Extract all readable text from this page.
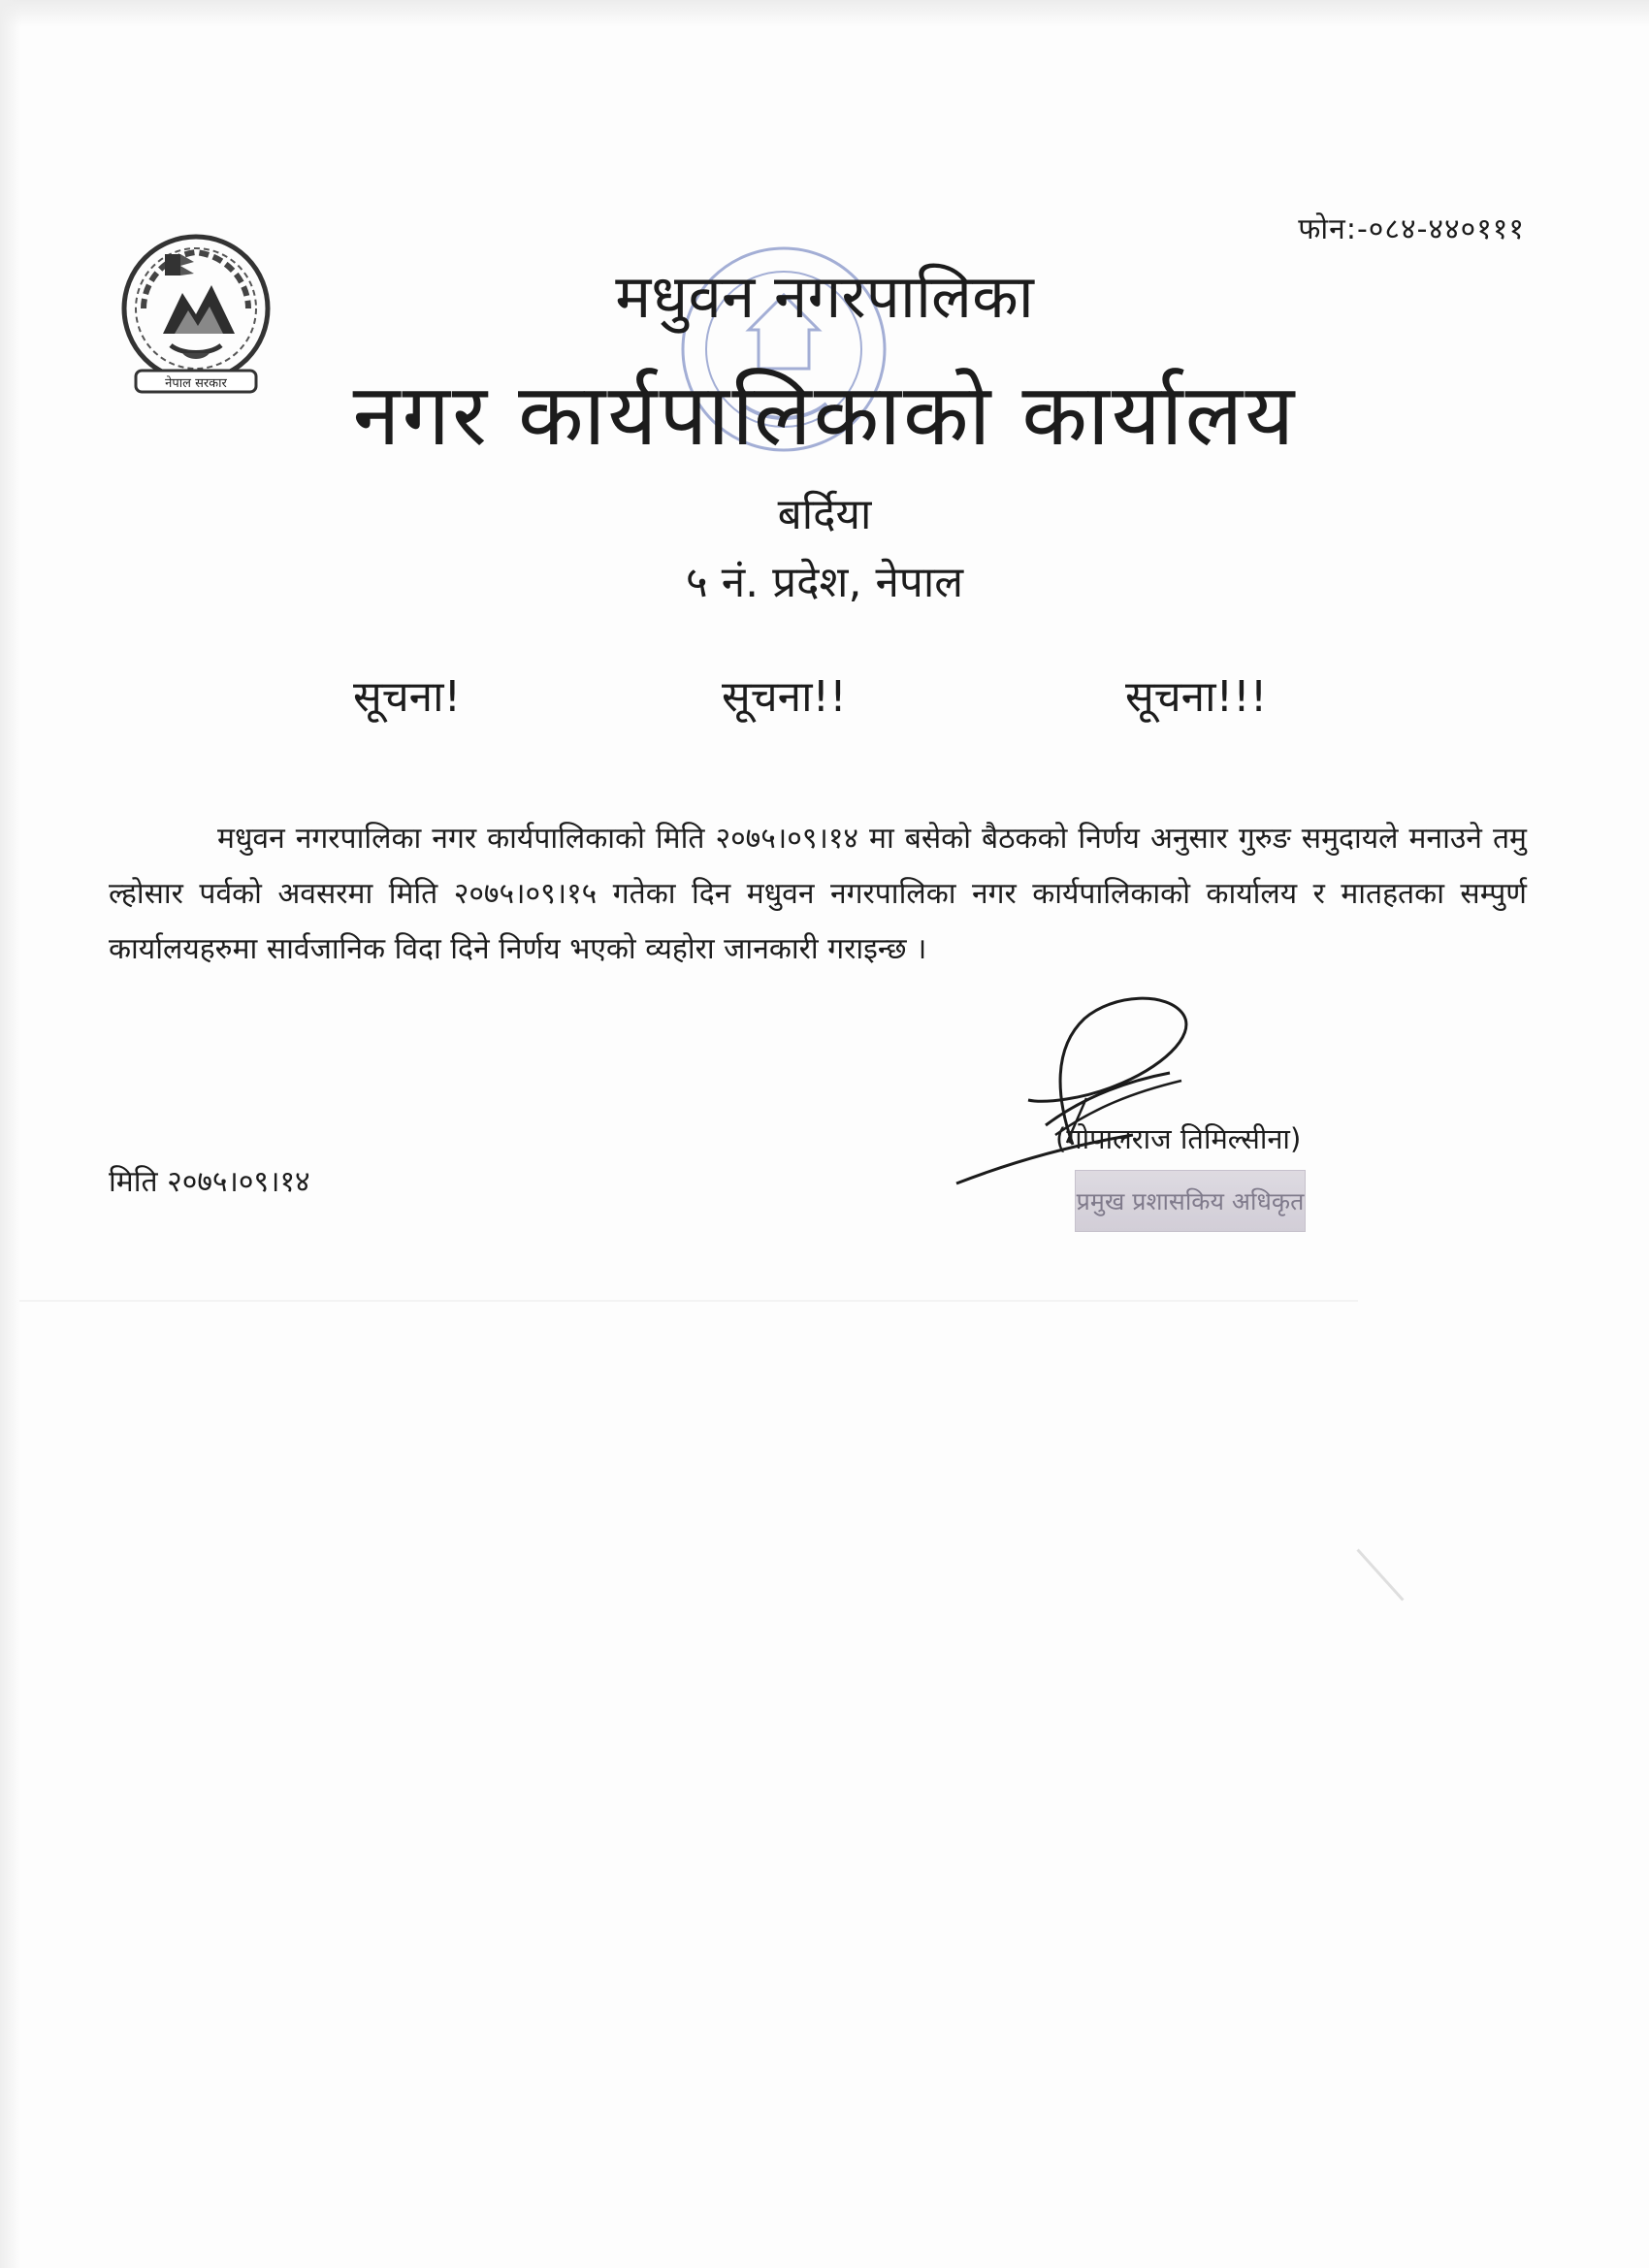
फोन:-०८४-४४०१११
नेपाल सरकार
मधुवन नगरपालिका
नगर कार्यपालिकाको कार्यालय
बर्दिया
५ नं. प्रदेश, नेपाल
सूचना!	सूचना!!	सूचना!!!

मधुवन नगरपालिका नगर कार्यपालिकाको मिति २०७५।०९।१४ मा बसेको बैठकको निर्णय अनुसार गुरुङ समुदायले मनाउने तमु ल्होसार पर्वको अवसरमा मिति २०७५।०९।१५ गतेका दिन मधुवन नगरपालिका नगर कार्यपालिकाको कार्यालय र मातहतका सम्पुर्ण कार्यालयहरुमा सार्वजानिक विदा दिने निर्णय भएको व्यहोरा जानकारी गराइन्छ ।

(गोपालराज तिमिल्सीना)
प्रमुख प्रशासकिय अधिकृत
मिति २०७५।०९।१४
